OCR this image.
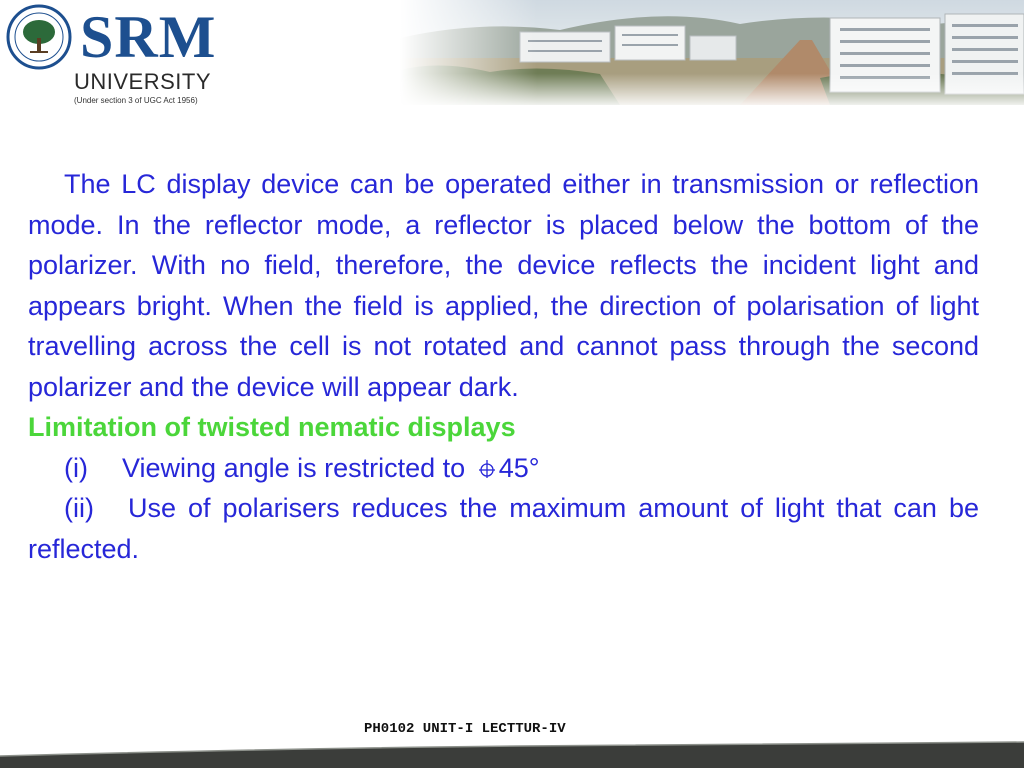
SRM
UNIVERSITY
(Under section 3 of UGC Act 1956)

The LC display device can be operated either in transmission or reflection mode. In the reflector mode, a reflector is placed below the bottom of the polarizer. With no field, therefore, the device reflects the incident light and appears bright. When the field is applied, the direction of polarisation of light travelling across the cell is not rotated and cannot pass through the second polarizer and the device will appear dark.

Limitation of twisted nematic displays

(i) Viewing angle is restricted to 45°

(ii) Use of polarisers reduces the maximum amount of light that can be reflected.

PH0102 UNIT-I LECTTUR-IV
